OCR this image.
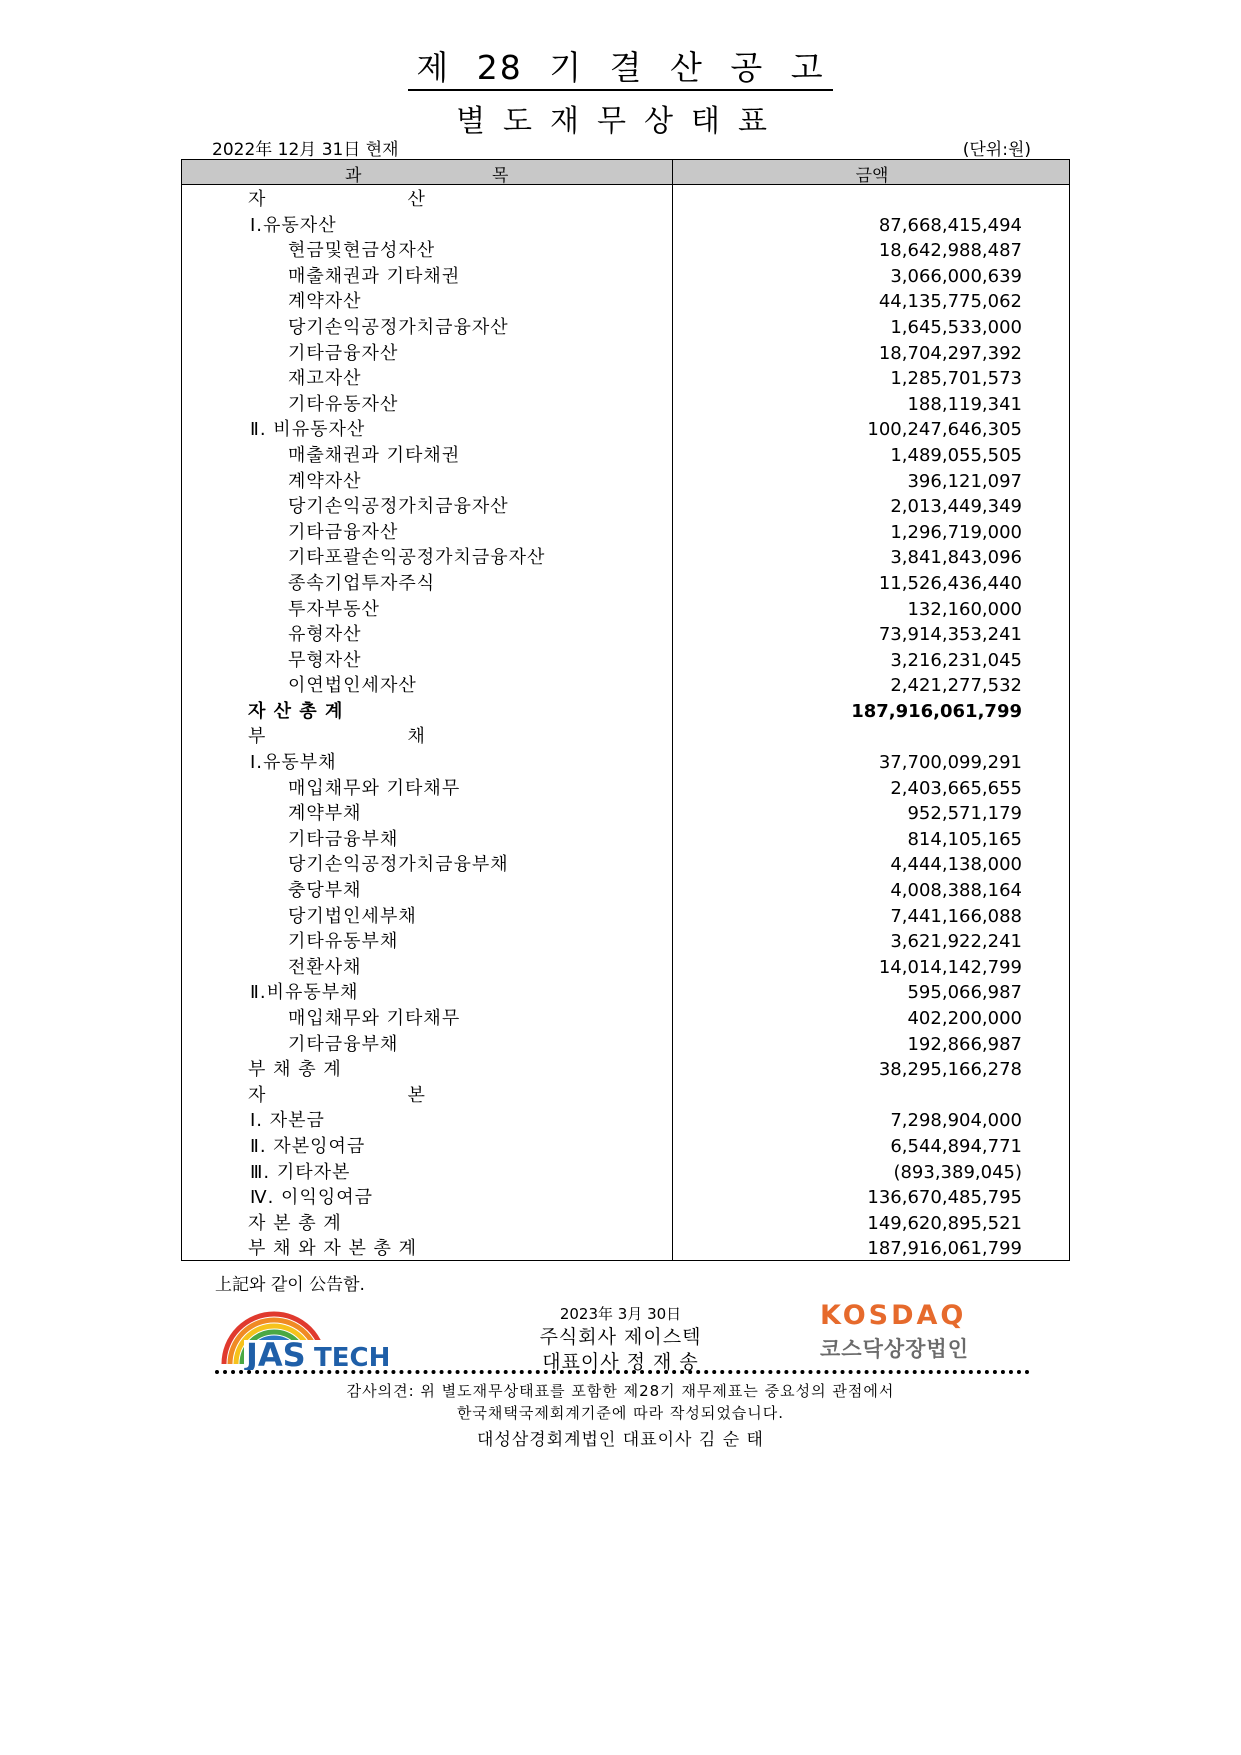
제 28 기 결 산 공 고
별도재무상태표
2022年 12月 31日 현재	(단위:원)
과	목	금액
자                     산
Ⅰ.유동자산	87,668,415,494
현금및현금성자산	18,642,988,487
매출채권과 기타채권	3,066,000,639
계약자산	44,135,775,062
당기손익공정가치금융자산	1,645,533,000
기타금융자산	18,704,297,392
재고자산	1,285,701,573
기타유동자산	188,119,341
Ⅱ. 비유동자산	100,247,646,305
매출채권과 기타채권	1,489,055,505
계약자산	396,121,097
당기손익공정가치금융자산	2,013,449,349
기타금융자산	1,296,719,000
기타포괄손익공정가치금융자산	3,841,843,096
종속기업투자주식	11,526,436,440
투자부동산	132,160,000
유형자산	73,914,353,241
무형자산	3,216,231,045
이연법인세자산	2,421,277,532
자 산 총 계	187,916,061,799
부                     채
Ⅰ.유동부채	37,700,099,291
매입채무와 기타채무	2,403,665,655
계약부채	952,571,179
기타금융부채	814,105,165
당기손익공정가치금융부채	4,444,138,000
충당부채	4,008,388,164
당기법인세부채	7,441,166,088
기타유동부채	3,621,922,241
전환사채	14,014,142,799
Ⅱ.비유동부채	595,066,987
매입채무와 기타채무	402,200,000
기타금융부채	192,866,987
부 채 총 계	38,295,166,278
자                     본
Ⅰ. 자본금	7,298,904,000
Ⅱ. 자본잉여금	6,544,894,771
Ⅲ. 기타자본	(893,389,045)
Ⅳ. 이익잉여금	136,670,485,795
자 본 총 계	149,620,895,521
부 채 와 자 본 총 계	187,916,061,799
上記와 같이 公告함.
JAS TECH
2023年 3月 30日
주식회사 제이스텍
대표이사 정 재 송
KOSDAQ
코스닥상장법인
감사의견: 위 별도재무상태표를 포함한 제28기 재무제표는 중요성의 관점에서
한국채택국제회계기준에 따라 작성되었습니다.
대성삼경회계법인 대표이사 김 순 태
